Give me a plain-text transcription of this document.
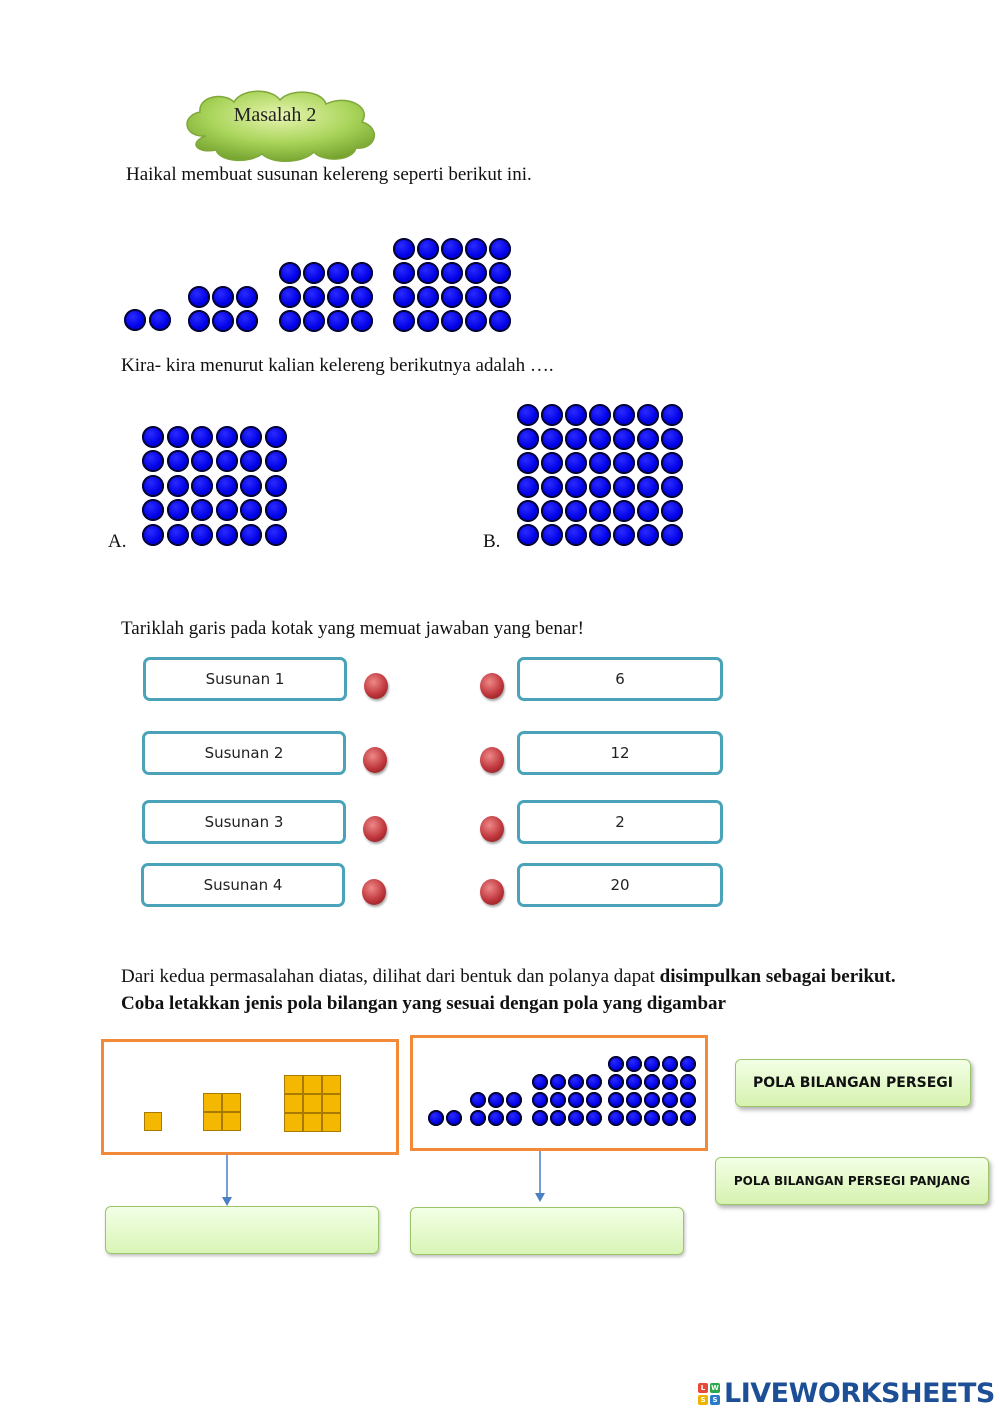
Masalah 2
Haikal membuat susunan kelereng seperti berikut ini.
Kira- kira menurut kalian kelereng berikutnya adalah ….
A.	B.
Tariklah garis pada kotak yang memuat jawaban yang benar!
Susunan 1
Susunan 2
Susunan 3
Susunan 4
6
12
2
20
Dari kedua permasalahan diatas, dilihat dari bentuk dan polanya dapat disimpulkan sebagai berikut. Coba letakkan jenis pola bilangan yang sesuai dengan pola yang digambar
POLA BILANGAN PERSEGI
POLA BILANGAN PERSEGI PANJANG
L W
S S LIVEWORKSHEETS
